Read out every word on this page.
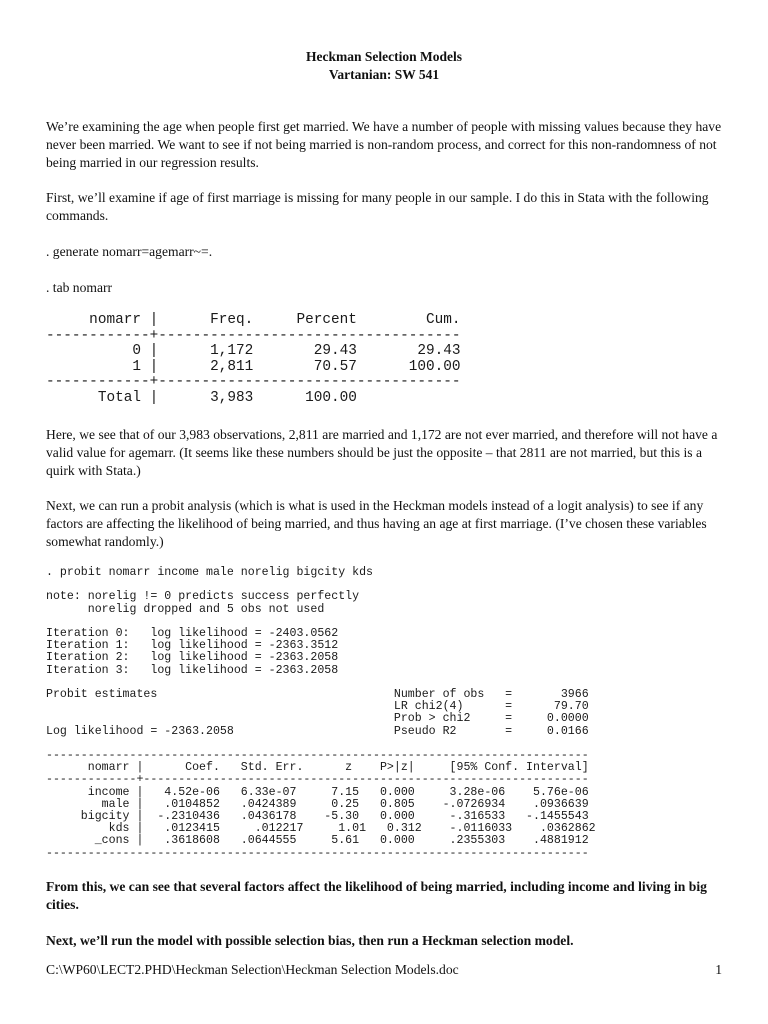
Heckman Selection Models
Vartanian: SW 541

We’re examining the age when people first get married. We have a number of people with missing values because they have never been married. We want to see if not being married is non-random process, and correct for this non-randomness of not being married in our regression results.

First, we’ll examine if age of first marriage is missing for many people in our sample. I do this in Stata with the following commands.

. generate nomarr=agemarr~=.

. tab nomarr

nomarr |      Freq.     Percent        Cum.
------------+-----------------------------------
0 |      1,172       29.43       29.43
1 |      2,811       70.57      100.00
------------+-----------------------------------
Total |      3,983      100.00

Here, we see that of our 3,983 observations, 2,811 are married and 1,172 are not ever married, and therefore will not have a valid value for agemarr. (It seems like these numbers should be just the opposite – that 2811 are not married, but this is a quirk with Stata.)

Next, we can run a probit analysis (which is what is used in the Heckman models instead of a logit analysis) to see if any factors are affecting the likelihood of being married, and thus having an age at first marriage. (I’ve chosen these variables somewhat randomly.)

. probit nomarr income male norelig bigcity kds

note: norelig != 0 predicts success perfectly
norelig dropped and 5 obs not used

Iteration 0:   log likelihood = -2403.0562
Iteration 1:   log likelihood = -2363.3512
Iteration 2:   log likelihood = -2363.2058
Iteration 3:   log likelihood = -2363.2058

Probit estimates                                  Number of obs   =       3966
LR chi2(4)      =      79.70
Prob > chi2     =     0.0000
Log likelihood = -2363.2058                       Pseudo R2       =     0.0166

------------------------------------------------------------------------------
nomarr |      Coef.   Std. Err.      z    P>|z|     [95% Conf. Interval]
-------------+----------------------------------------------------------------
income |   4.52e-06   6.33e-07     7.15   0.000     3.28e-06    5.76e-06
male |   .0104852   .0424389     0.25   0.805    -.0726934    .0936639
bigcity |  -.2310436   .0436178    -5.30   0.000     -.316533   -.1455543
kds |   .0123415     .012217     1.01   0.312    -.0116033    .0362862
_cons |   .3618608   .0644555     5.61   0.000     .2355303    .4881912
------------------------------------------------------------------------------

From this, we can see that several factors affect the likelihood of being married, including income and living in big cities.

Next, we’ll run the model with possible selection bias, then run a Heckman selection model.

C:\WP60\LECT2.PHD\Heckman Selection\Heckman Selection Models.doc	1
